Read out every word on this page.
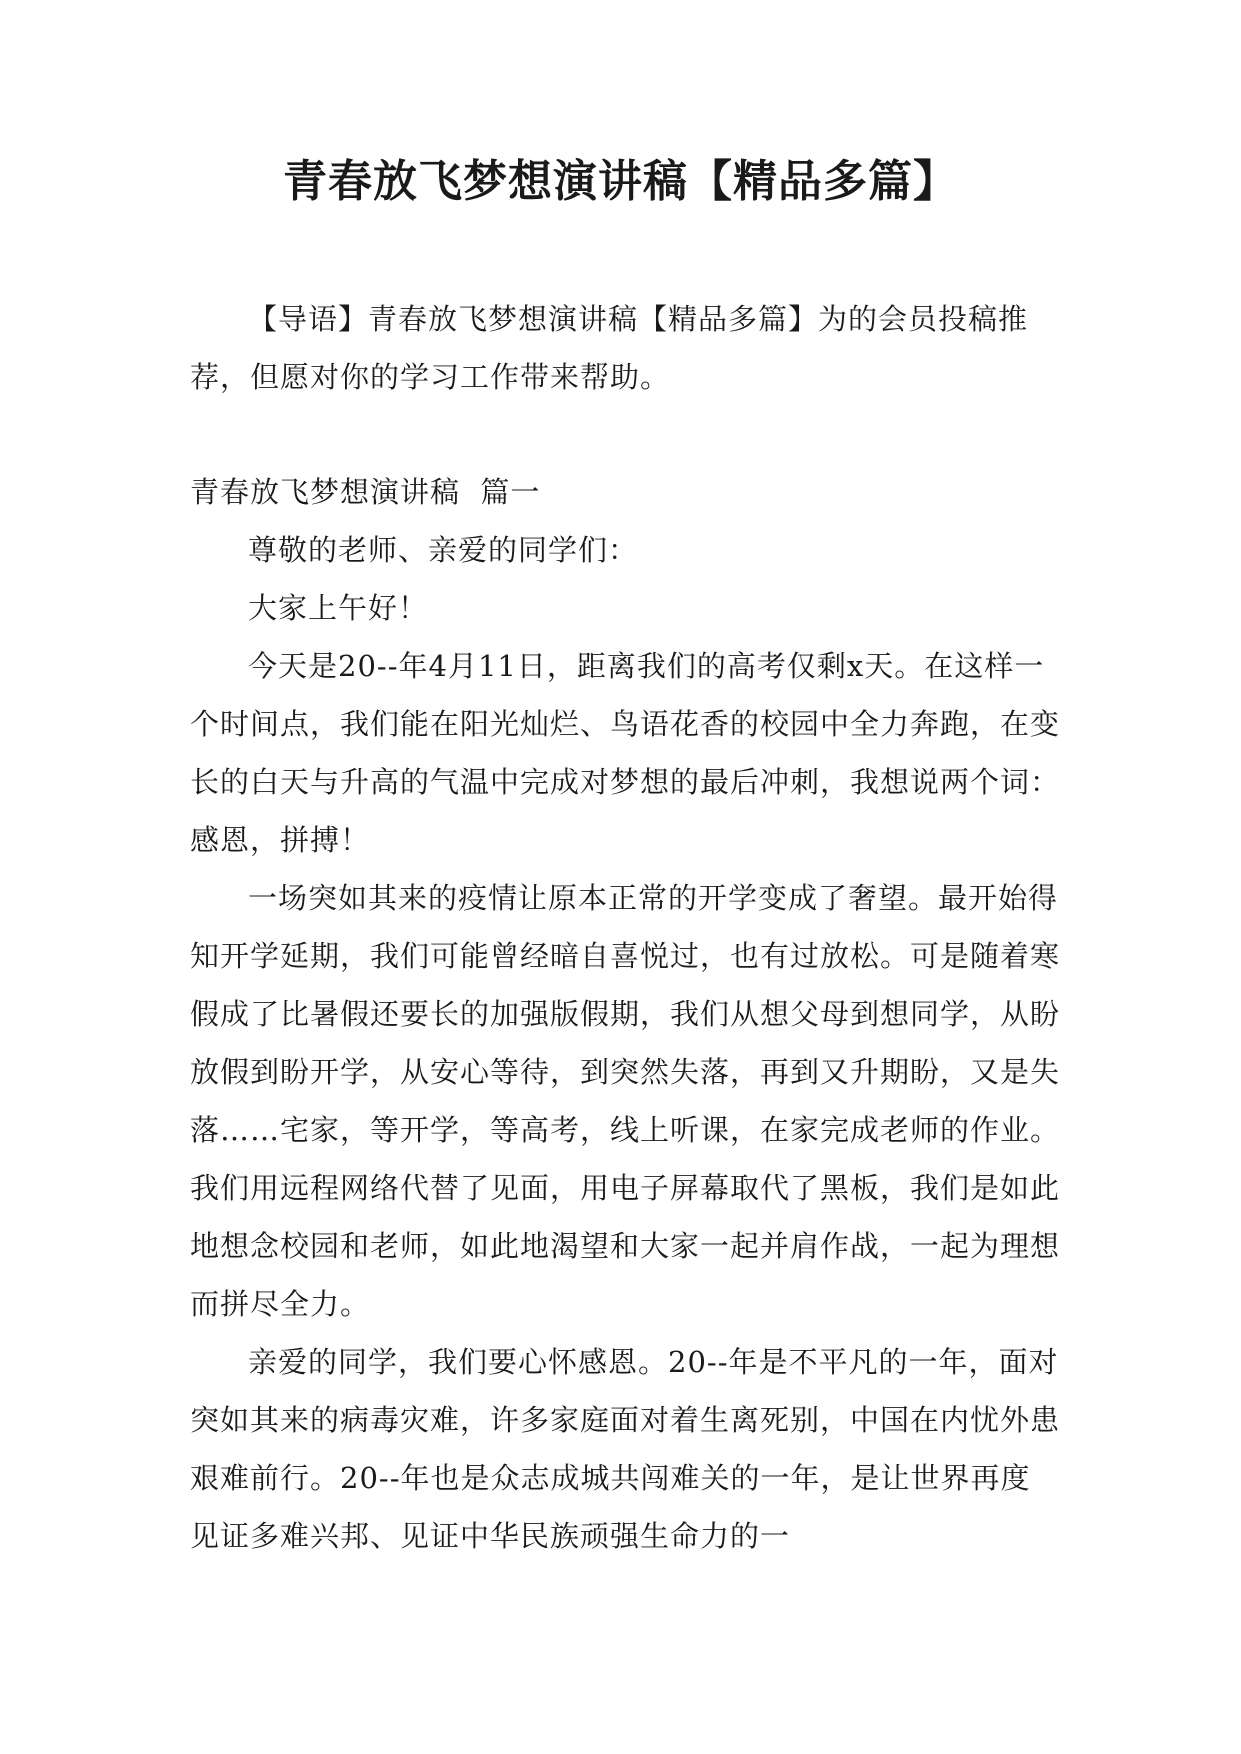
青春放飞梦想演讲稿【精品多篇】

【导语】青春放飞梦想演讲稿【精品多篇】为的会员投稿推荐，但愿对你的学习工作带来帮助。

青春放飞梦想演讲稿  篇一

尊敬的老师、亲爱的同学们：

大家上午好！

今天是20--年4月11日，距离我们的高考仅剩x天。在这样一个时间点，我们能在阳光灿烂、鸟语花香的校园中全力奔跑，在变长的白天与升高的气温中完成对梦想的最后冲刺，我想说两个词：感恩，拼搏！

一场突如其来的疫情让原本正常的开学变成了奢望。最开始得知开学延期，我们可能曾经暗自喜悦过，也有过放松。可是随着寒假成了比暑假还要长的加强版假期，我们从想父母到想同学，从盼放假到盼开学，从安心等待，到突然失落，再到又升期盼，又是失落……宅家，等开学，等高考，线上听课，在家完成老师的作业。我们用远程网络代替了见面，用电子屏幕取代了黑板，我们是如此地想念校园和老师，如此地渴望和大家一起并肩作战，一起为理想而拼尽全力。

亲爱的同学，我们要心怀感恩。20--年是不平凡的一年，面对突如其来的病毒灾难，许多家庭面对着生离死别，中国在内忧外患艰难前行。20--年也是众志成城共闯难关的一年，是让世界再度见证多难兴邦、见证中华民族顽强生命力的一
